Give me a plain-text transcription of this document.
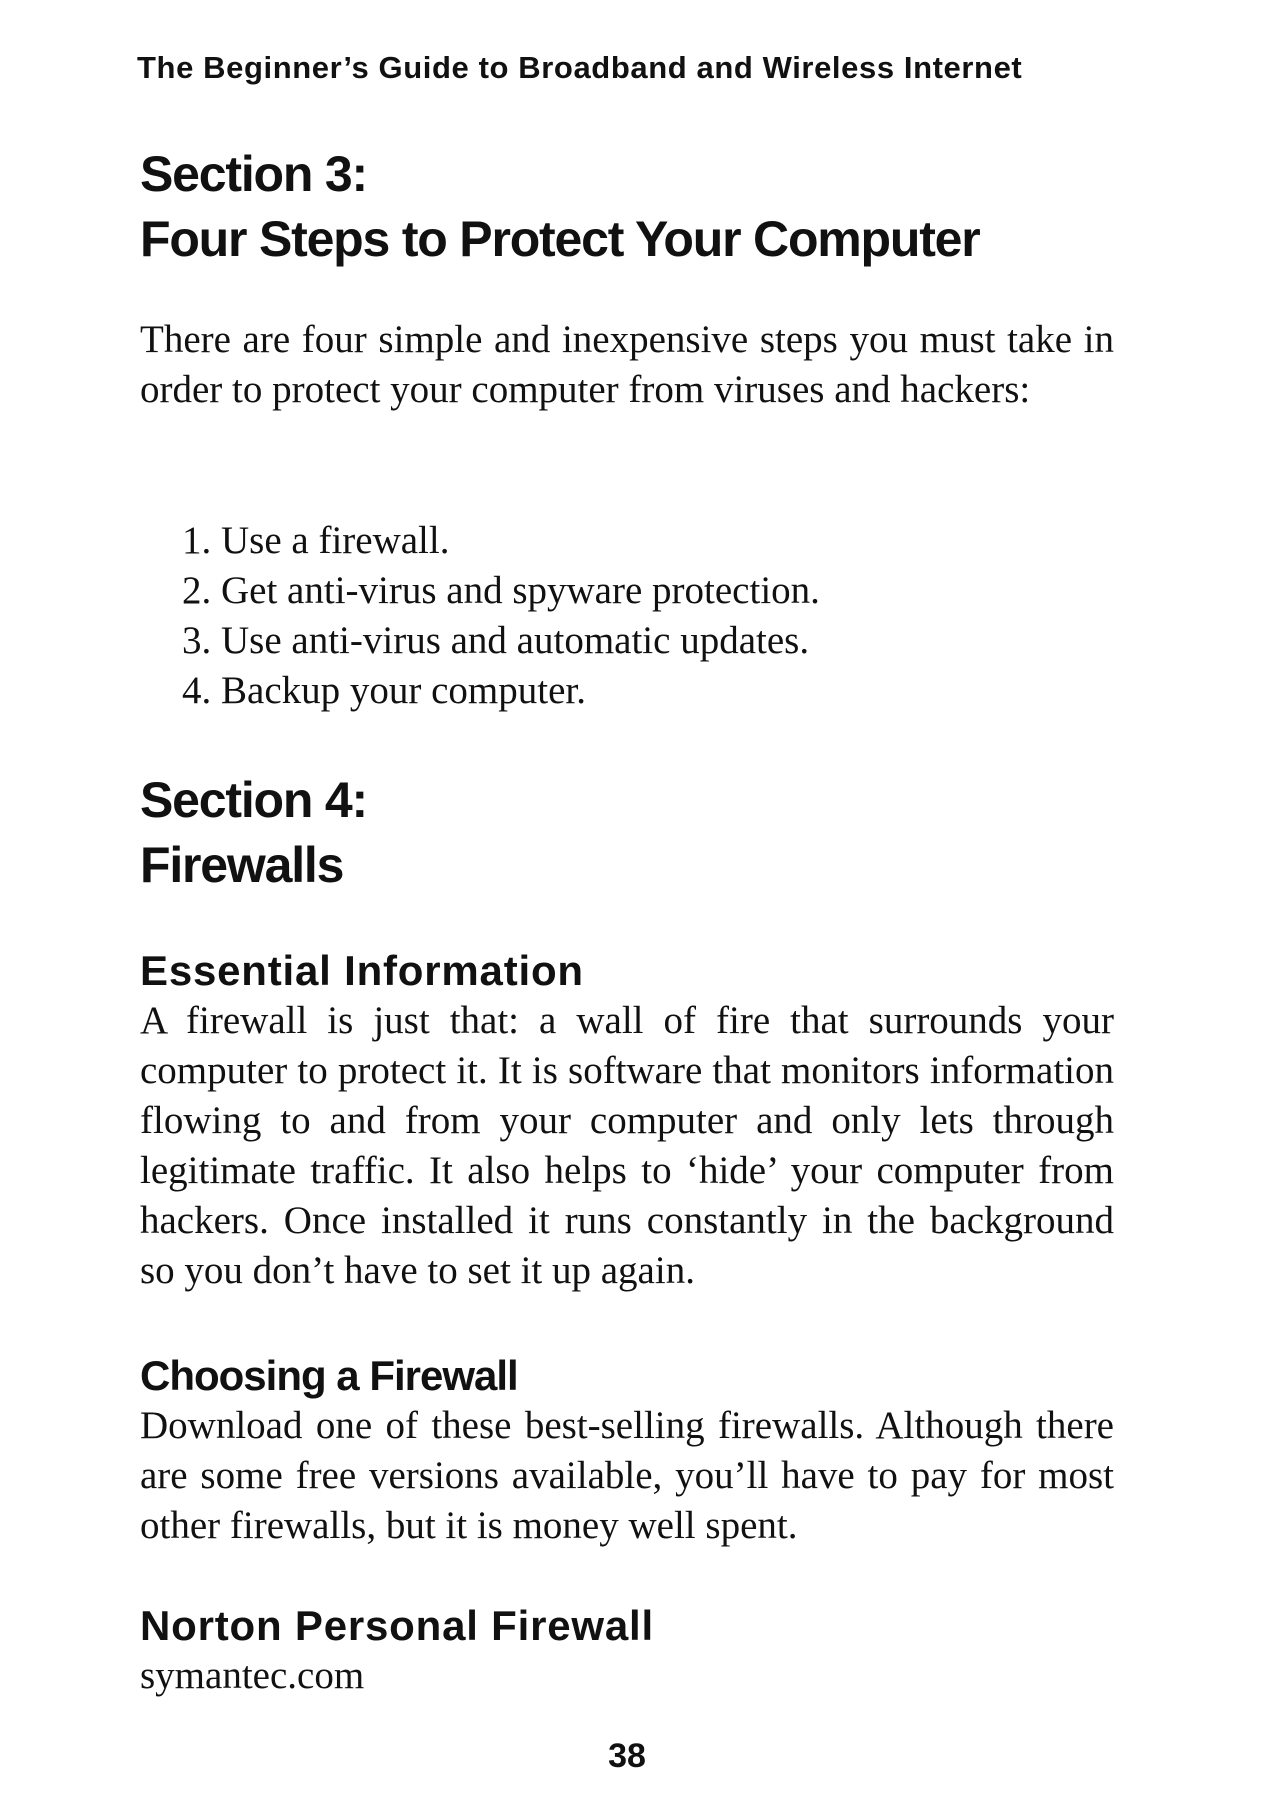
The Beginner’s Guide to Broadband and Wireless Internet
Section 3:
Four Steps to Protect Your Computer

There are four simple and inexpensive steps you must take in order to protect your computer from viruses and hackers:

1. Use a firewall.
2. Get anti-virus and spyware protection.
3. Use anti-virus and automatic updates.
4. Backup your computer.
Section 4:
Firewalls
Essential Information

A firewall is just that: a wall of fire that surrounds your computer to protect it. It is software that monitors information flowing to and from your computer and only lets through legitimate traffic. It also helps to ‘hide’ your computer from hackers. Once installed it runs constantly in the background so you don’t have to set it up again.

Choosing a Firewall

Download one of these best-selling firewalls. Although there are some free versions available, you’ll have to pay for most other firewalls, but it is money well spent.

Norton Personal Firewall

symantec.com

38
